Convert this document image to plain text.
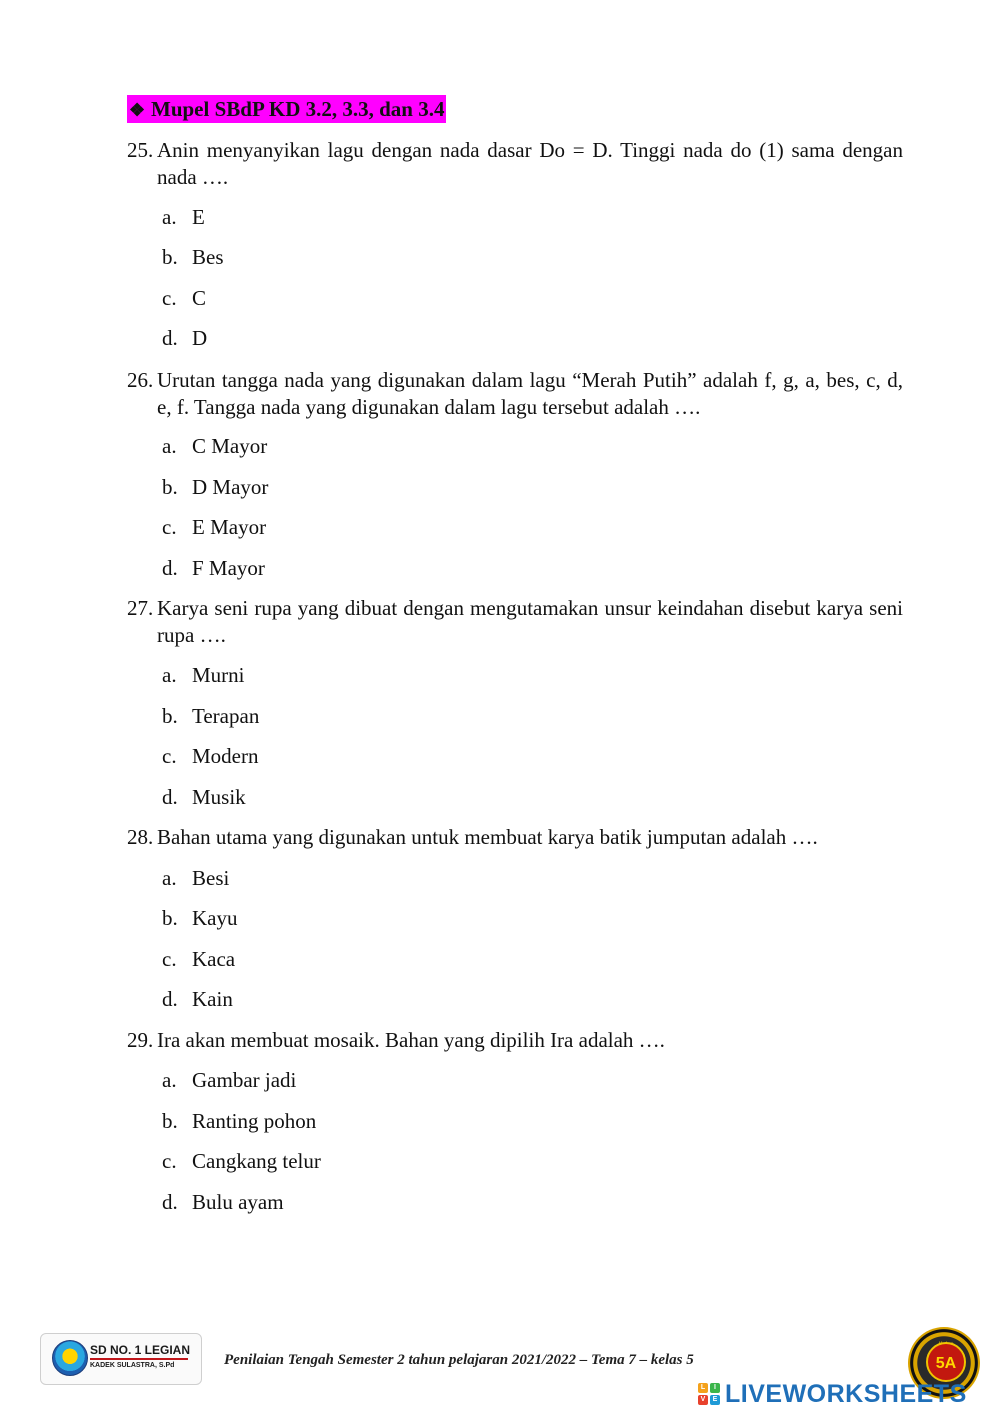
❖ Mupel SBdP KD 3.2, 3.3, dan 3.4
25. Anin menyanyikan lagu dengan nada dasar Do = D. Tinggi nada do (1) sama dengan nada ….
a. E
b. Bes
c. C
d. D
26. Urutan tangga nada yang digunakan dalam lagu “Merah Putih” adalah f, g, a, bes, c, d, e, f. Tangga nada yang digunakan dalam lagu tersebut adalah ….
a. C Mayor
b. D Mayor
c. E Mayor
d. F Mayor
27. Karya seni rupa yang dibuat dengan mengutamakan unsur keindahan disebut karya seni rupa ….
a. Murni
b. Terapan
c. Modern
d. Musik
28. Bahan utama yang digunakan untuk membuat karya batik jumputan adalah ….
a. Besi
b. Kayu
c. Kaca
d. Kain
29. Ira akan membuat mosaik. Bahan yang dipilih Ira adalah ….
a. Gambar jadi
b. Ranting pohon
c. Cangkang telur
d. Bulu ayam
SD NO. 1 LEGIAN
KADEK SULASTRA, S.Pd	Penilaian Tengah Semester 2 tahun pelajaran 2021/2022 – Tema 7 – kelas 5	5A
L	I
V	E LIVEWORKSHEETS
